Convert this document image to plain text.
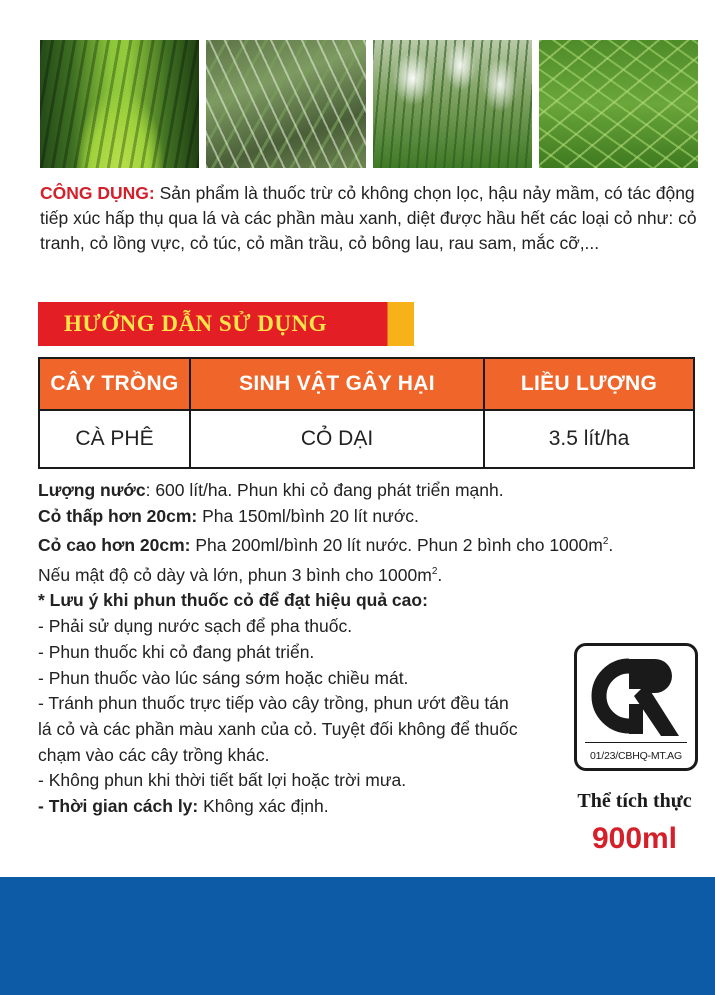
CÔNG DỤNG: Sản phẩm là thuốc trừ cỏ không chọn lọc, hậu nảy mầm, có tác động tiếp xúc hấp thụ qua lá và các phần màu xanh, diệt được hầu hết các loại cỏ như: cỏ tranh, cỏ lồng vực, cỏ túc, cỏ mần trầu, cỏ bông lau, rau sam, mắc cỡ,...
HƯỚNG DẪN SỬ DỤNG
CÂY TRỒNG	SINH VẬT GÂY HẠI	LIỀU LƯỢNG
CÀ PHÊ	CỎ DẠI	3.5 lít/ha

Lượng nước: 600 lít/ha. Phun khi cỏ đang phát triển mạnh.

Cỏ thấp hơn 20cm: Pha 150ml/bình 20 lít nước.

Cỏ cao hơn 20cm: Pha 200ml/bình 20 lít nước. Phun 2 bình cho $1000m^2$.

Nếu mật độ cỏ dày và lớn, phun 3 bình cho $1000m^2$.

* Lưu ý khi phun thuốc cỏ để đạt hiệu quả cao:

- Phải sử dụng nước sạch để pha thuốc.

- Phun thuốc khi cỏ đang phát triển.

- Phun thuốc vào lúc sáng sớm hoặc chiều mát.

- Tránh phun thuốc trực tiếp vào cây trồng, phun ướt đều tán lá cỏ và các phần màu xanh của cỏ. Tuyệt đối không để thuốc chạm vào các cây trồng khác.

- Không phun khi thời tiết bất lợi hoặc trời mưa.

- Thời gian cách ly: Không xác định.

01/23/CBHQ-MT.AG
Thể tích thực
900ml
